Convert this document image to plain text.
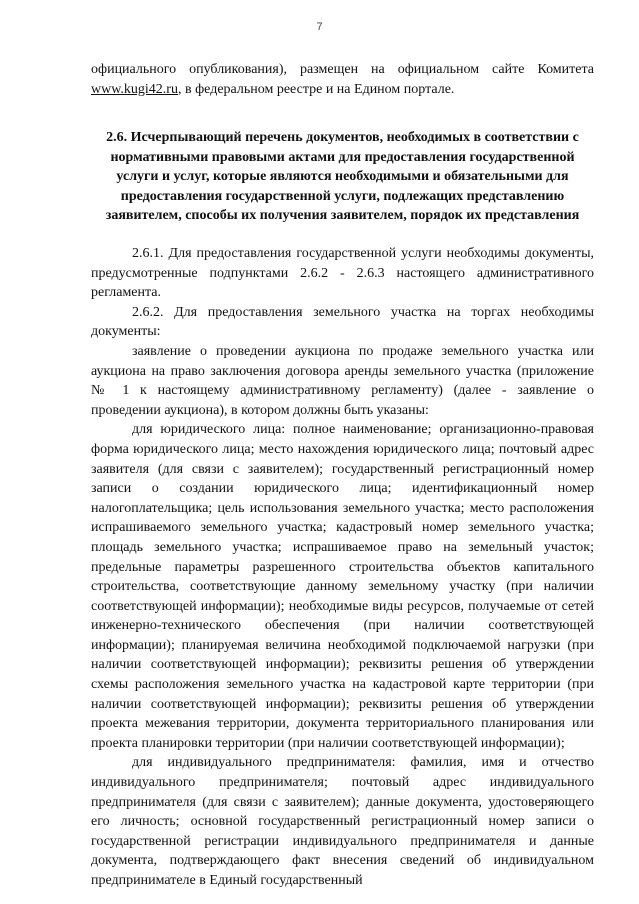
7
официального опубликования), размещен на официальном сайте Комитета www.kugi42.ru, в федеральном реестре и на Едином портале.
2.6. Исчерпывающий перечень документов, необходимых в соответствии с нормативными правовыми актами для предоставления государственной услуги и услуг, которые являются необходимыми и обязательными для предоставления государственной услуги, подлежащих представлению заявителем, способы их получения заявителем, порядок их представления

2.6.1. Для предоставления государственной услуги необходимы документы, предусмотренные подпунктами 2.6.2 - 2.6.3 настоящего административного регламента.

2.6.2. Для предоставления земельного участка на торгах необходимы документы:

заявление о проведении аукциона по продаже земельного участка или аукциона на право заключения договора аренды земельного участка (приложение № 1 к настоящему административному регламенту) (далее - заявление о проведении аукциона), в котором должны быть указаны:

для юридического лица: полное наименование; организационно-правовая форма юридического лица; место нахождения юридического лица; почтовый адрес заявителя (для связи с заявителем); государственный регистрационный номер записи о создании юридического лица; идентификационный номер налогоплательщика; цель использования земельного участка; место расположения испрашиваемого земельного участка; кадастровый номер земельного участка; площадь земельного участка; испрашиваемое право на земельный участок; предельные параметры разрешенного строительства объектов капитального строительства, соответствующие данному земельному участку (при наличии соответствующей информации); необходимые виды ресурсов, получаемые от сетей инженерно-технического обеспечения (при наличии соответствующей информации); планируемая величина необходимой подключаемой нагрузки (при наличии соответствующей информации); реквизиты решения об утверждении схемы расположения земельного участка на кадастровой карте территории (при наличии соответствующей информации); реквизиты решения об утверждении проекта межевания территории, документа территориального планирования или проекта планировки территории (при наличии соответствующей информации);

для индивидуального предпринимателя: фамилия, имя и отчество индивидуального предпринимателя; почтовый адрес индивидуального предпринимателя (для связи с заявителем); данные документа, удостоверяющего его личность; основной государственный регистрационный номер записи о государственной регистрации индивидуального предпринимателя и данные документа, подтверждающего факт внесения сведений об индивидуальном предпринимателе в Единый государственный
